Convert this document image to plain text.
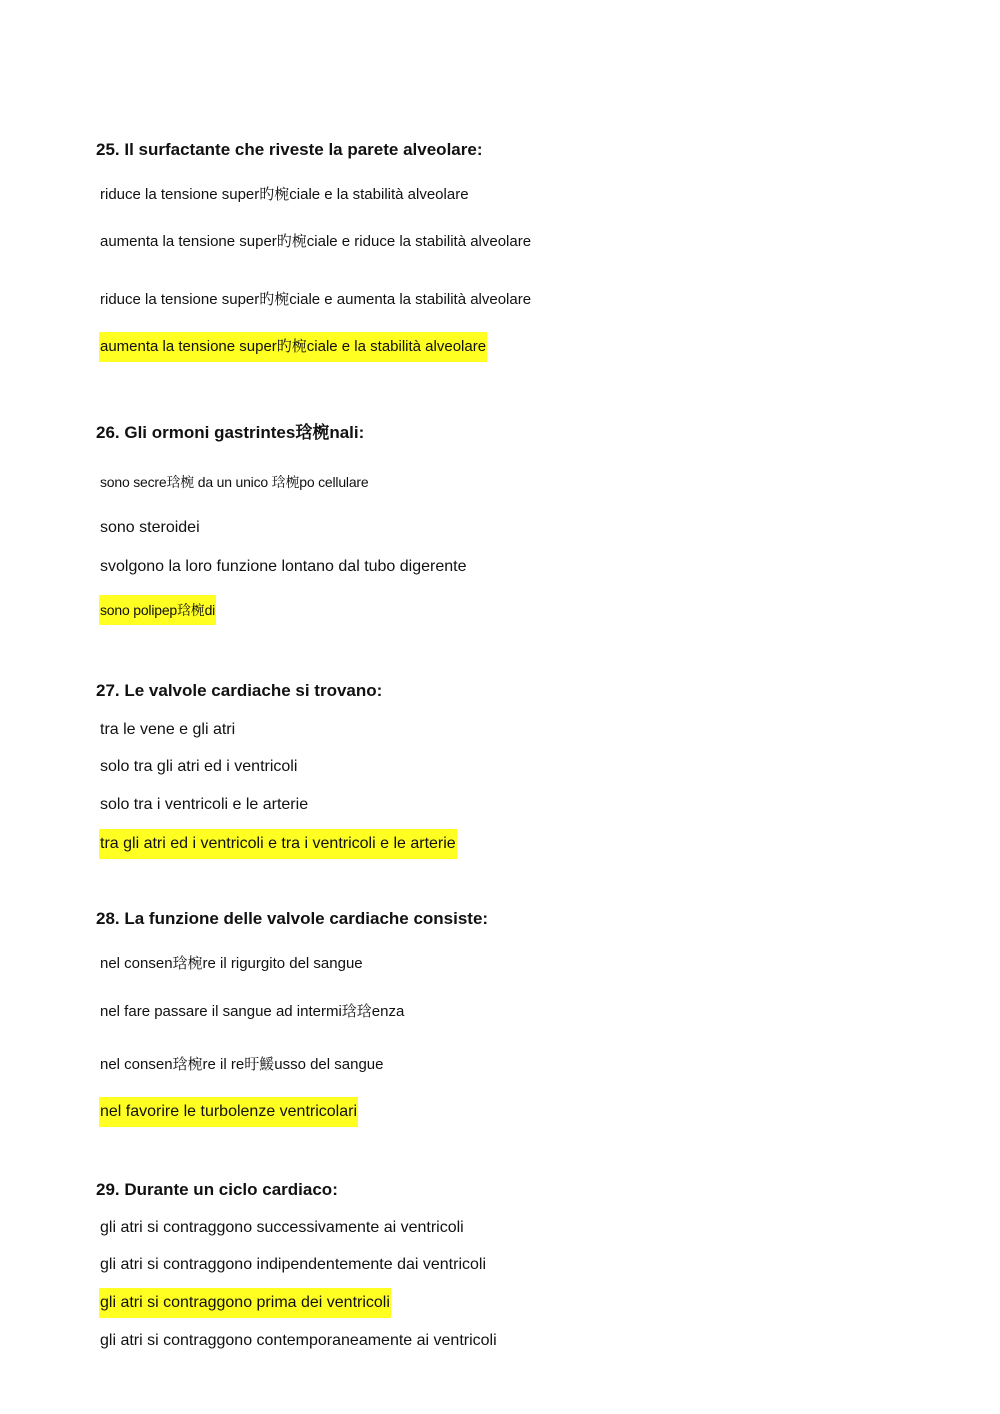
25. Il surfactante che riveste la parete alveolare:

riduce la tensione super旳椀ciale e la stabilità alveolare

aumenta la tensione super旳椀ciale e riduce la stabilità alveolare

riduce la tensione super旳椀ciale e aumenta la stabilità alveolare

aumenta la tensione super旳椀ciale e la stabilità alveolare

26. Gli ormoni gastrintes琀椀nali:

sono secre琀椀 da un unico 琀椀po cellulare

sono steroidei

svolgono la loro funzione lontano dal tubo digerente

sono polipep琀椀di

27. Le valvole cardiache si trovano:

tra le vene e gli atri

solo tra gli atri ed i ventricoli

solo tra i ventricoli e le arterie

tra gli atri ed i ventricoli e tra i ventricoli e le arterie

28. La funzione delle valvole cardiache consiste:

nel consen琀椀re il rigurgito del sangue

nel fare passare il sangue ad intermi琀琀enza

nel consen琀椀re il re旴鰀usso del sangue

nel favorire le turbolenze ventricolari

29. Durante un ciclo cardiaco:

gli atri si contraggono successivamente ai ventricoli

gli atri si contraggono indipendentemente dai ventricoli

gli atri si contraggono prima dei ventricoli

gli atri si contraggono contemporaneamente ai ventricoli
